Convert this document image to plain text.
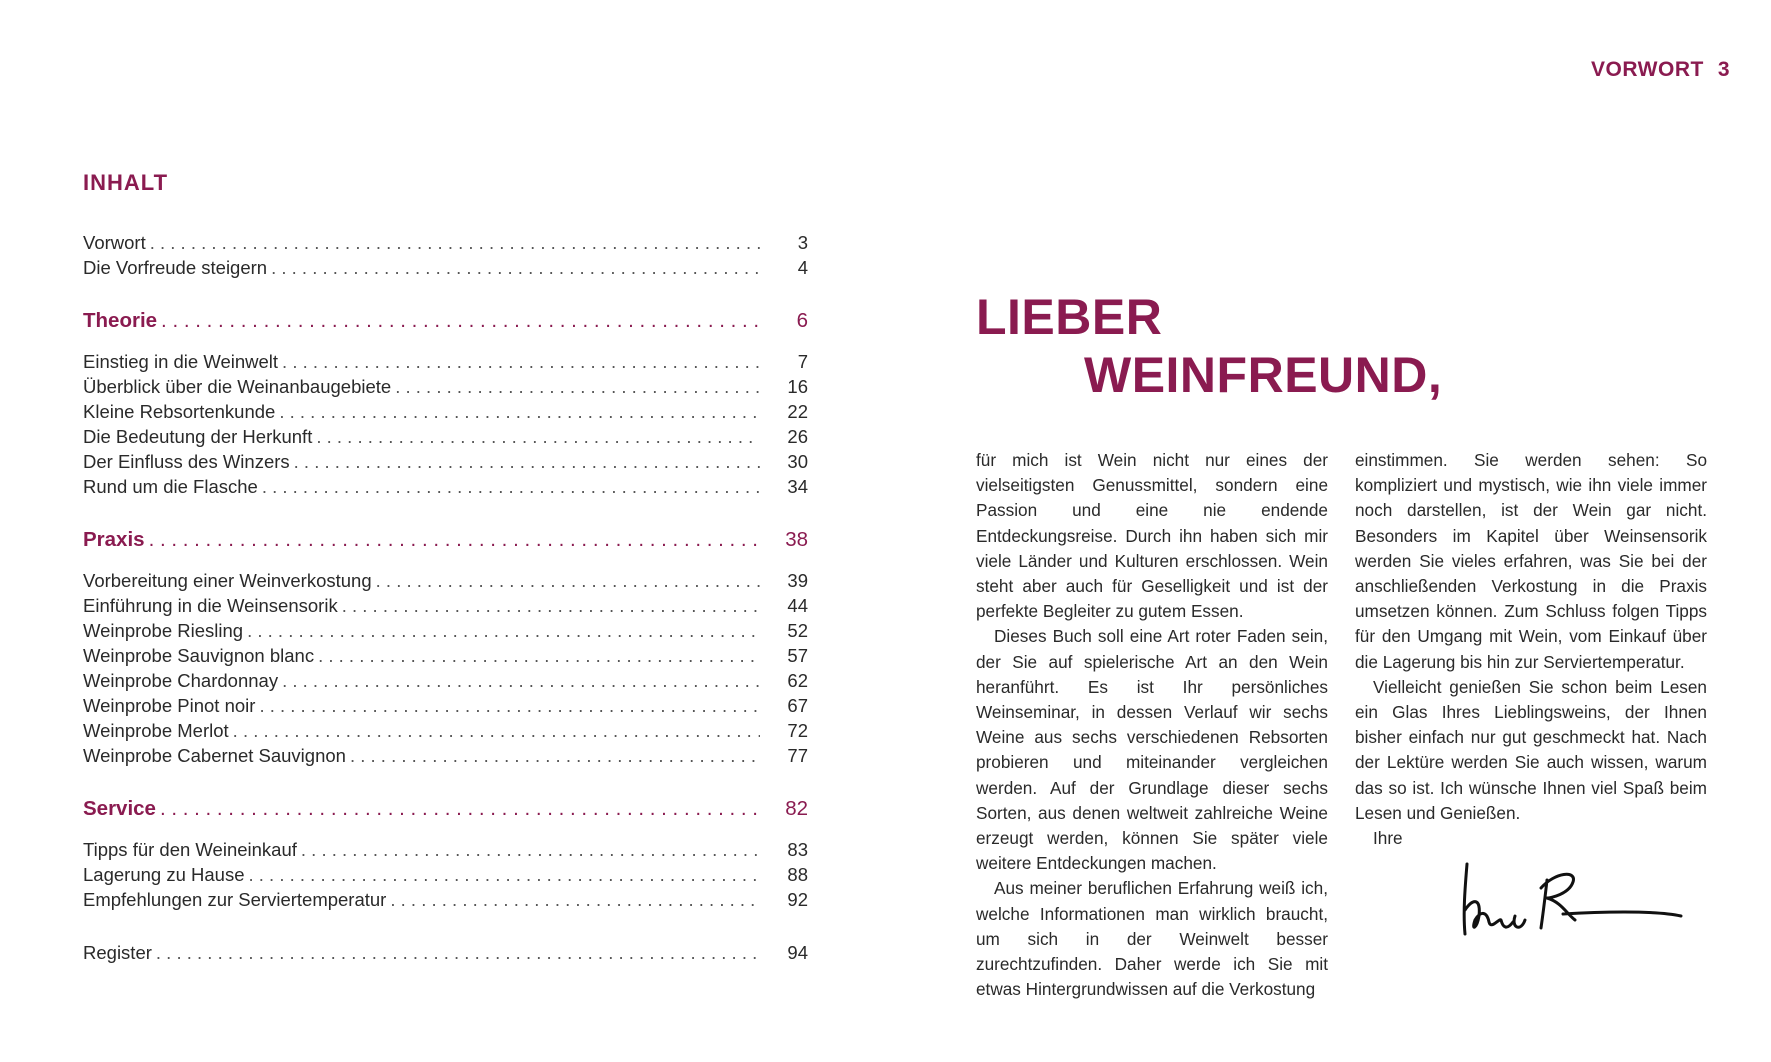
VORWORT 3
INHALT
Vorwort . . .	3
Die Vorfreude steigern . . .	4
Theorie . . .	6
Einstieg in die Weinwelt . . .	7
Überblick über die Weinanbaugebiete . . .	16
Kleine Rebsortenkunde . . .	22
Die Bedeutung der Herkunft . . .	26
Der Einfluss des Winzers . . .	30
Rund um die Flasche . . .	34
Praxis . . .	38
Vorbereitung einer Weinverkostung . . .	39
Einführung in die Weinsensorik . . .	44
Weinprobe Riesling . . .	52
Weinprobe Sauvignon blanc . . .	57
Weinprobe Chardonnay . . .	62
Weinprobe Pinot noir . . .	67
Weinprobe Merlot . . .	72
Weinprobe Cabernet Sauvignon . . .	77
Service . . .	82
Tipps für den Weineinkauf . . .	83
Lagerung zu Hause . . .	88
Empfehlungen zur Serviertemperatur . . .	92
Register . . .	94
LIEBER
WEINFREUND,

für mich ist Wein nicht nur eines der vielseitigsten Genussmittel, sondern eine Passion und eine nie endende Entdeckungsreise. Durch ihn haben sich mir viele Länder und Kulturen erschlossen. Wein steht aber auch für Geselligkeit und ist der perfekte Begleiter zu gutem Essen.

Dieses Buch soll eine Art roter Faden sein, der Sie auf spielerische Art an den Wein heranführt. Es ist Ihr persönliches Weinseminar, in dessen Verlauf wir sechs Weine aus sechs verschiedenen Rebsorten probieren und miteinander vergleichen werden. Auf der Grundlage dieser sechs Sorten, aus denen weltweit zahlreiche Weine erzeugt werden, können Sie später viele weitere Entdeckungen machen.

Aus meiner beruflichen Erfahrung weiß ich, welche Informationen man wirklich braucht, um sich in der Weinwelt besser zurechtzufinden. Daher werde ich Sie mit etwas Hintergrundwissen auf die Verkostung

einstimmen. Sie werden sehen: So kompliziert und mystisch, wie ihn viele immer noch darstellen, ist der Wein gar nicht. Besonders im Kapitel über Weinsensorik werden Sie vieles erfahren, was Sie bei der anschließenden Verkostung in die Praxis umsetzen können. Zum Schluss folgen Tipps für den Umgang mit Wein, vom Einkauf über die Lagerung bis hin zur Serviertemperatur.

Vielleicht genießen Sie schon beim Lesen ein Glas Ihres Lieblingsweins, der Ihnen bisher einfach nur gut geschmeckt hat. Nach der Lektüre werden Sie auch wissen, warum das so ist. Ich wünsche Ihnen viel Spaß beim Lesen und Genießen.

Ihre
